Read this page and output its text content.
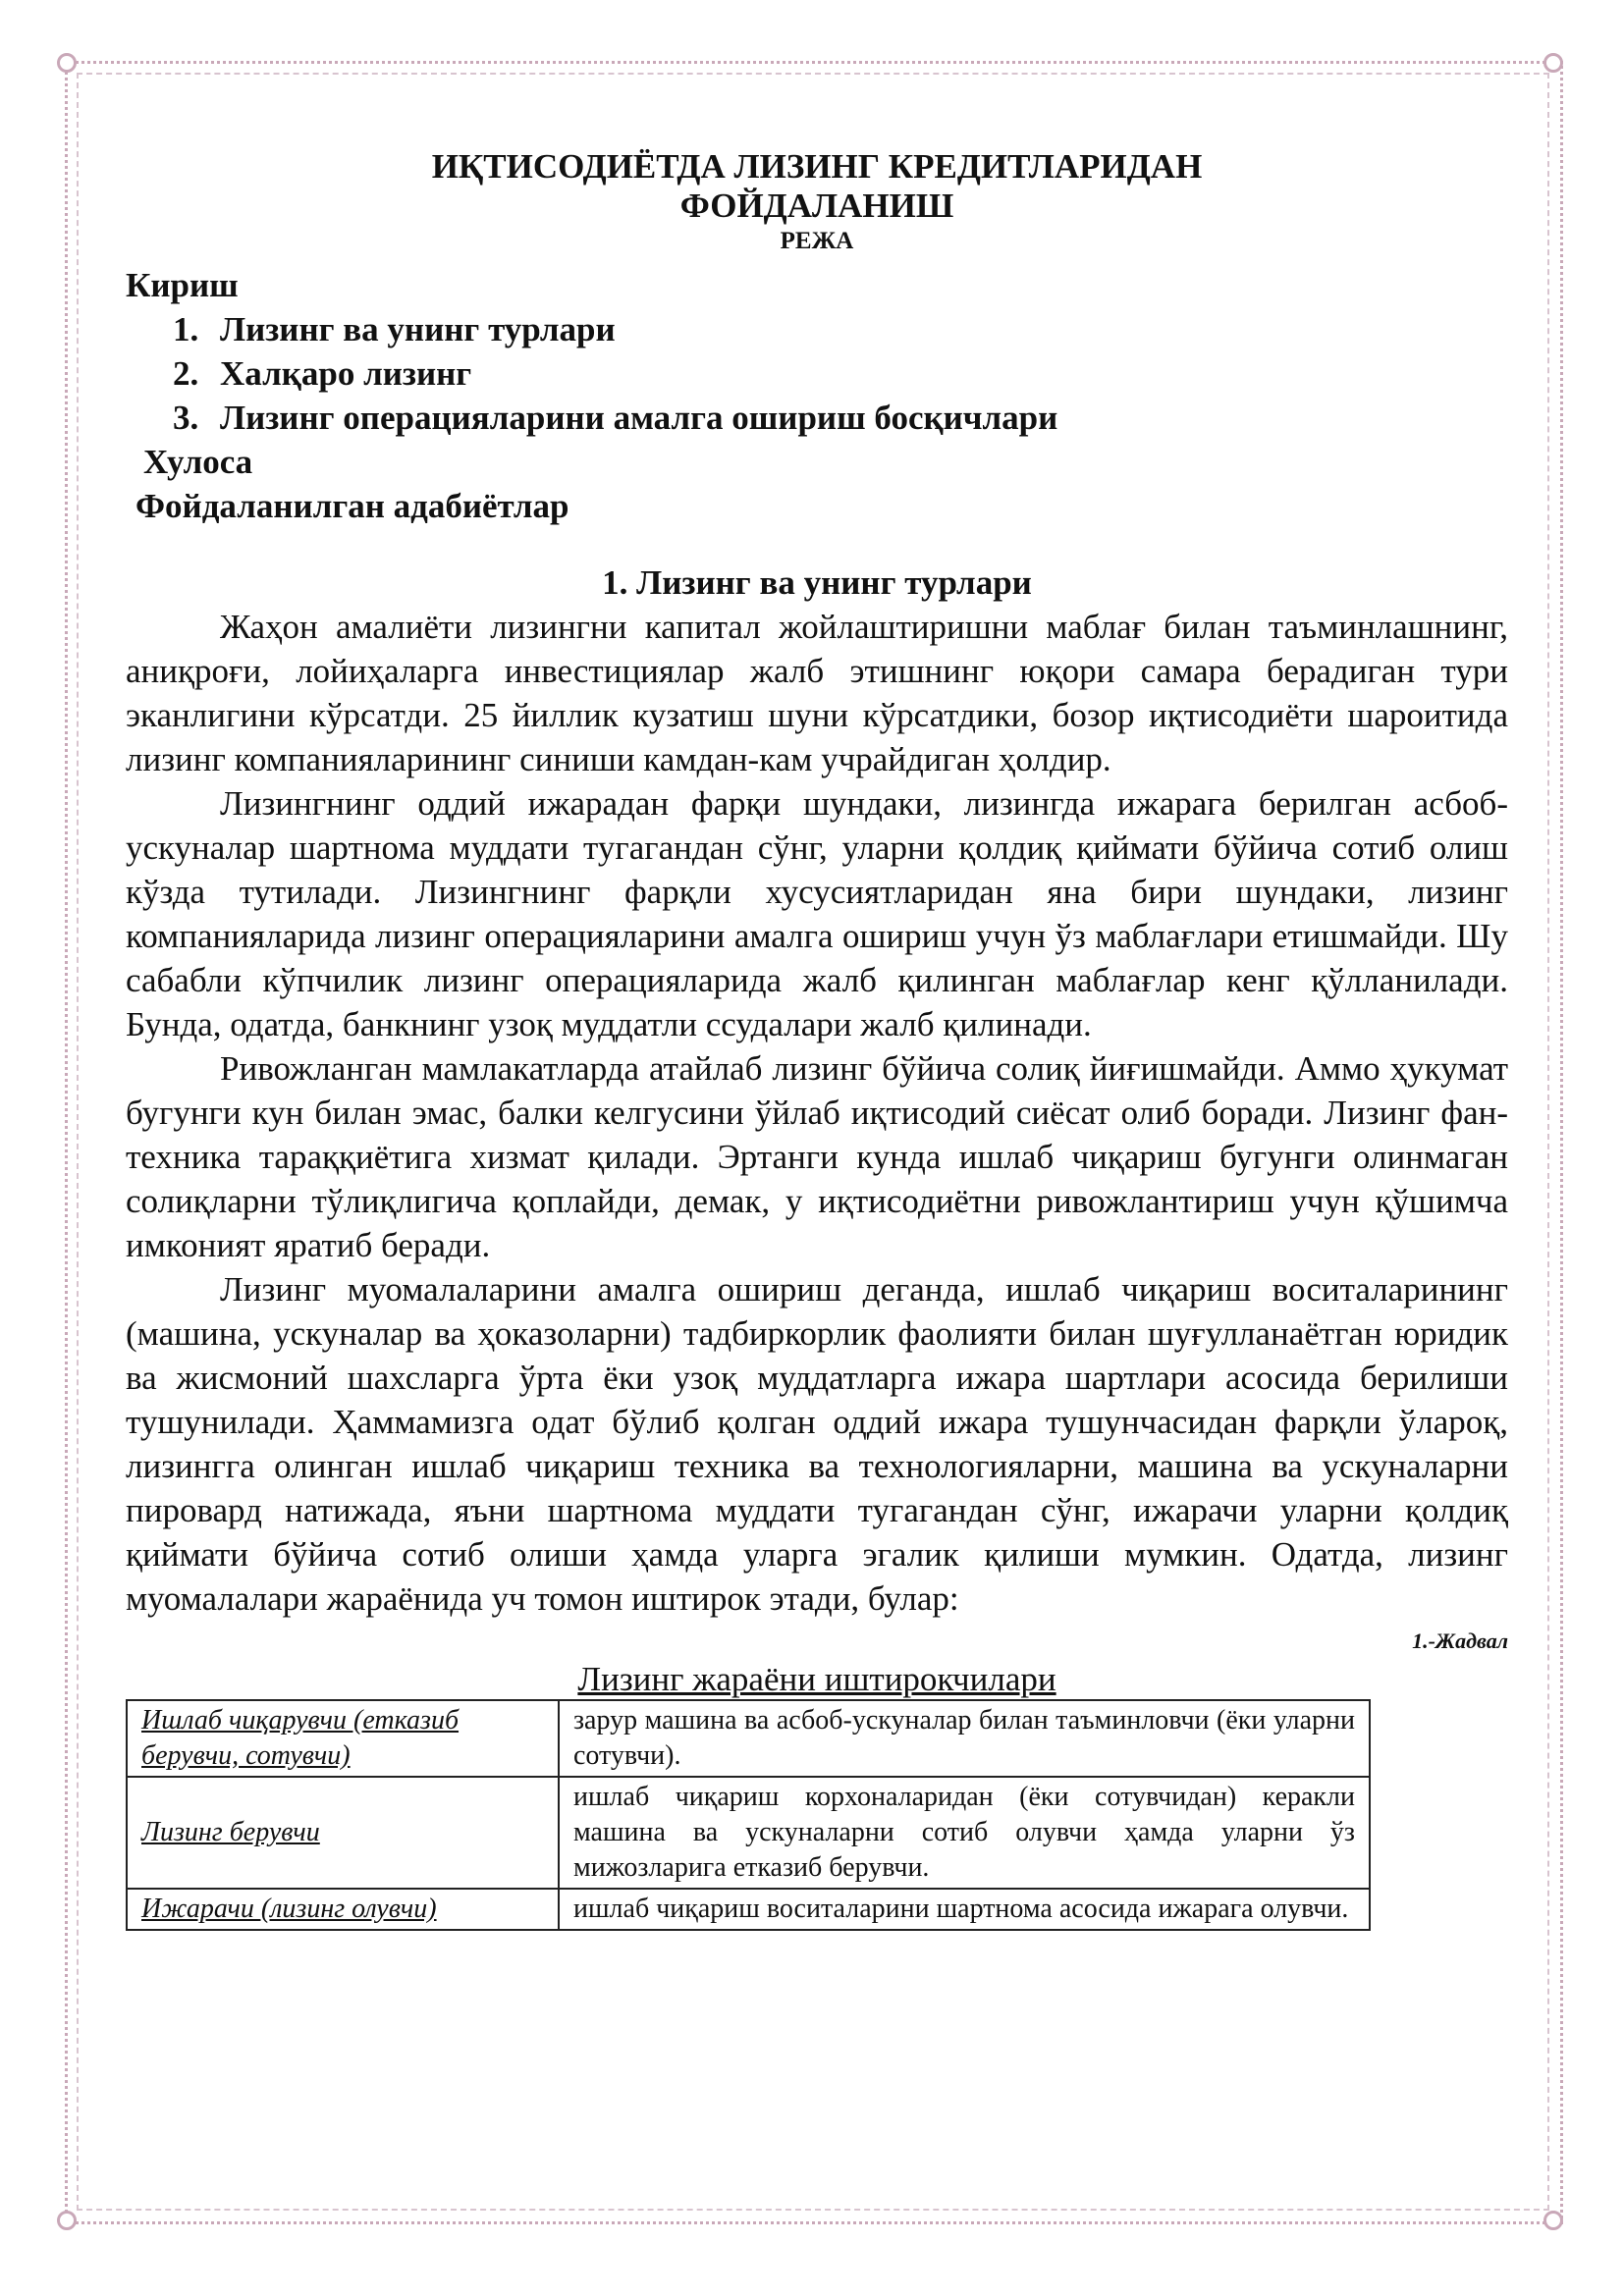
ИҚТИСОДИЁТДА ЛИЗИНГ КРЕДИТЛАРИДАН

ФОЙДАЛАНИШ

РЕЖА

Кириш
1. Лизинг ва унинг турлари
2. Халқаро лизинг
3. Лизинг операцияларини амалга ошириш босқичлари
Хулоса
Фойдаланилган адабиётлар

1. Лизинг ва унинг турлари

Жаҳон амалиёти лизингни капитал жойлаштиришни маблағ билан таъминлашнинг, аниқроғи, лойиҳаларга инвестициялар жалб этишнинг юқори самара берадиган тури эканлигини кўрсатди. 25 йиллик кузатиш шуни кўрсатдики, бозор иқтисодиёти шароитида лизинг компанияларининг синиши камдан-кам учрайдиган ҳолдир.

Лизингнинг оддий ижарадан фарқи шундаки, лизингда ижарага берилган асбоб-ускуналар шартнома муддати тугагандан сўнг, уларни қолдиқ қиймати бўйича сотиб олиш кўзда тутилади. Лизингнинг фарқли хусусиятларидан яна бири шундаки, лизинг компанияларида лизинг операцияларини амалга ошириш учун ўз маблағлари етишмайди. Шу сабабли кўпчилик лизинг операцияларида жалб қилинган маблағлар кенг қўлланилади. Бунда, одатда, банкнинг узоқ муддатли ссудалари жалб қилинади.

Ривожланган мамлакатларда атайлаб лизинг бўйича солиқ йиғишмайди. Аммо ҳукумат бугунги кун билан эмас, балки келгусини ўйлаб иқтисодий сиёсат олиб боради. Лизинг фан-техника тараққиётига хизмат қилади. Эртанги кунда ишлаб чиқариш бугунги олинмаган солиқларни тўлиқлигича қоплайди, демак, у иқтисодиётни ривожлантириш учун қўшимча имконият яратиб беради.

Лизинг муомалаларини амалга ошириш деганда, ишлаб чиқариш воситаларининг (машина, ускуналар ва ҳоказоларни) тадбиркорлик фаолияти билан шуғулланаётган юридик ва жисмоний шахсларга ўрта ёки узоқ муддатларга ижара шартлари асосида берилиши тушунилади. Ҳаммамизга одат бўлиб қолган оддий ижара тушунчасидан фарқли ўлароқ, лизингга олинган ишлаб чиқариш техника ва технологияларни, машина ва ускуналарни пировард натижада, яъни шартнома муддати тугагандан сўнг, ижарачи уларни қолдиқ қиймати бўйича сотиб олиши ҳамда уларга эгалик қилиши мумкин. Одатда, лизинг муомалалари жараёнида уч томон иштирок этади, булар:

1.-Жадвал

Лизинг жараёни иштирокчилари

Ишлаб чиқарувчи (етказиб берувчи, сотувчи)	зарур машина ва асбоб-ускуналар билан таъминловчи (ёки уларни сотувчи).
Лизинг берувчи	ишлаб чиқариш корхоналаридан (ёки сотувчидан) керакли машина ва ускуналарни сотиб олувчи ҳамда уларни ўз мижозларига етказиб берувчи.
Ижарачи (лизинг олувчи)	ишлаб чиқариш воситаларини шартнома асосида ижарага олувчи.
